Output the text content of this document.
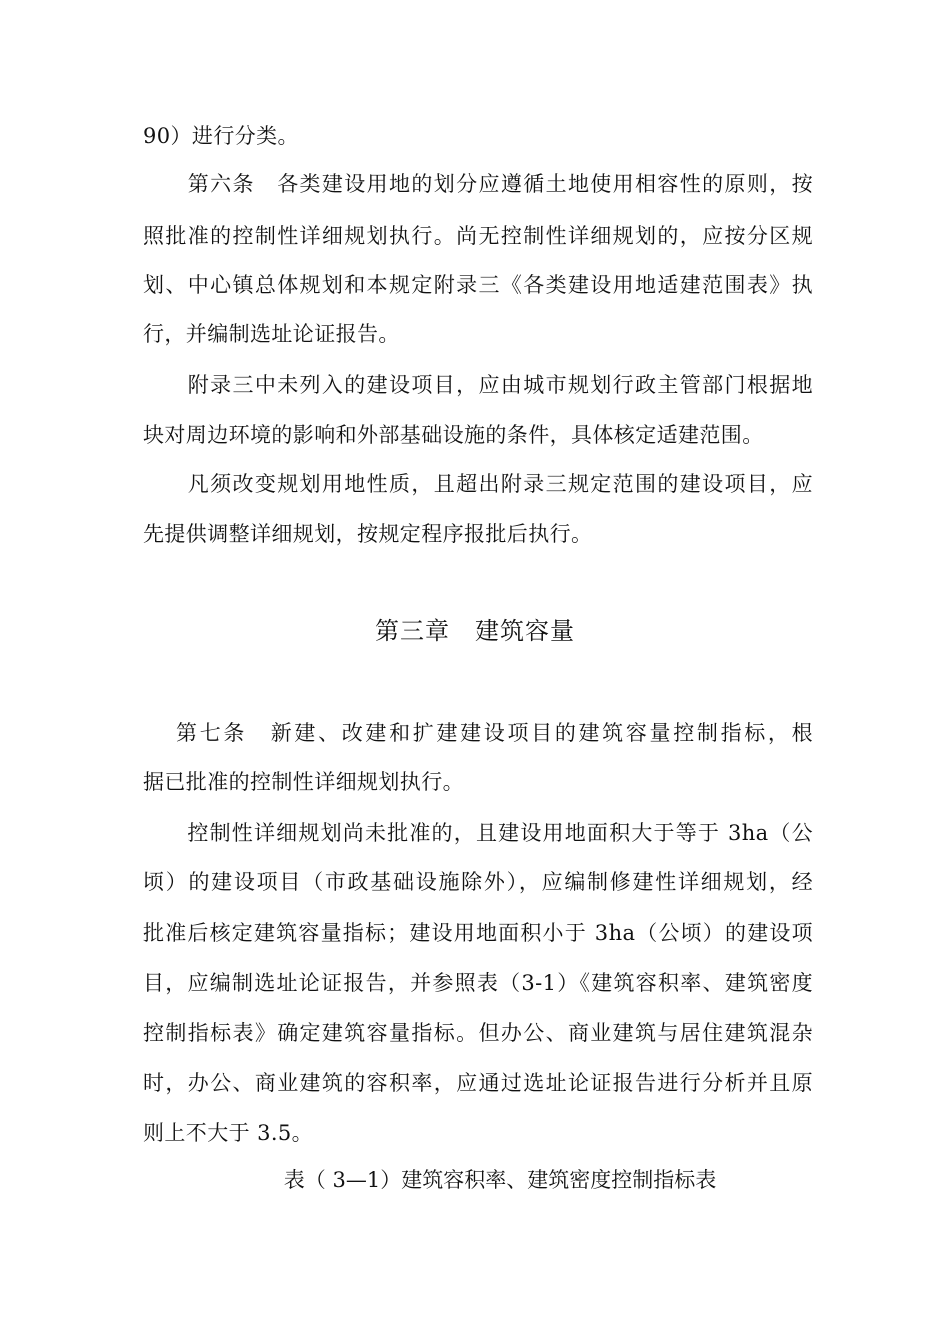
90）进行分类。
　　第六条　各类建设用地的划分应遵循土地使用相容性的原则，按
照批准的控制性详细规划执行。尚无控制性详细规划的，应按分区规
划、中心镇总体规划和本规定附录三《各类建设用地适建范围表》执
行，并编制选址论证报告。
　　附录三中未列入的建设项目，应由城市规划行政主管部门根据地
块对周边环境的影响和外部基础设施的条件，具体核定适建范围。
　　凡须改变规划用地性质，且超出附录三规定范围的建设项目，应
先提供调整详细规划，按规定程序报批后执行。
第三章　建筑容量
　 第七条　新建、改建和扩建建设项目的建筑容量控制指标，根
据已批准的控制性详细规划执行。
　　控制性详细规划尚未批准的，且建设用地面积大于等于 3ha（公
顷）的建设项目（市政基础设施除外），应编制修建性详细规划，经
批准后核定建筑容量指标；建设用地面积小于 3ha（公顷）的建设项
目，应编制选址论证报告，并参照表（3-1）《建筑容积率、建筑密度
控制指标表》确定建筑容量指标。但办公、商业建筑与居住建筑混杂
时，办公、商业建筑的容积率，应通过选址论证报告进行分析并且原
则上不大于 3.5。
表（ 3—1）建筑容积率、建筑密度控制指标表
